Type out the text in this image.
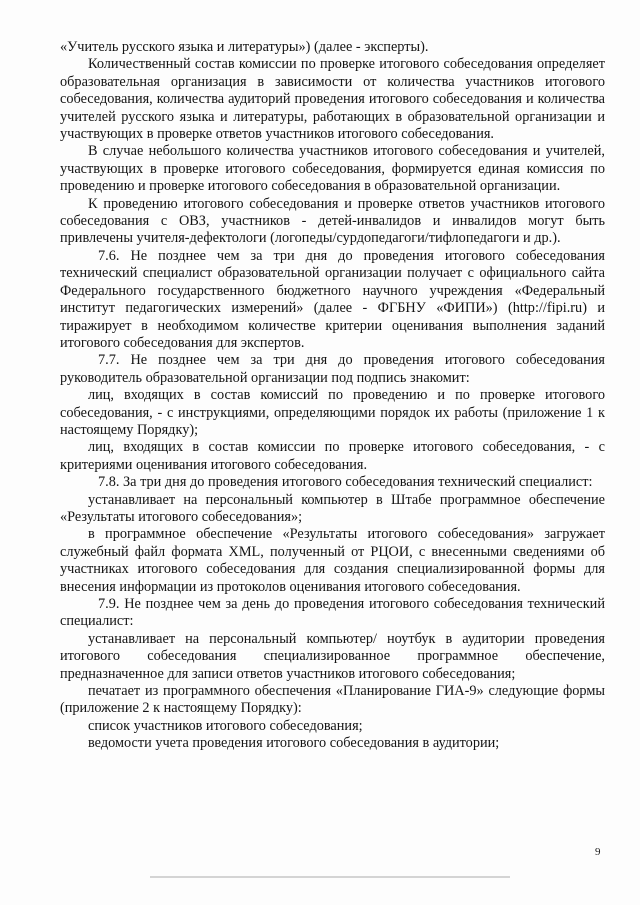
«Учитель русского языка и литературы») (далее - эксперты).

Количественный состав комиссии по проверке итогового собеседования определяет образовательная организация в зависимости от количества участников итогового собеседования, количества аудиторий проведения итогового собеседования и количества учителей русского языка и литературы, работающих в образовательной организации и участвующих в проверке ответов участников итогового собеседования.

В случае небольшого количества участников итогового собеседования и учителей, участвующих в проверке итогового собеседования, формируется единая комиссия по проведению и проверке итогового собеседования в образовательной организации.

К проведению итогового собеседования и проверке ответов участников итогового собеседования с ОВЗ, участников - детей-инвалидов и инвалидов могут быть привлечены учителя-дефектологи (логопеды/сурдопедагоги/тифлопедагоги и др.).

7.6. Не позднее чем за три дня до проведения итогового собеседования технический специалист образовательной организации получает с официального сайта Федерального государственного бюджетного научного учреждения «Федеральный институт педагогических измерений» (далее - ФГБНУ «ФИПИ») (http://fipi.ru) и тиражирует в необходимом количестве критерии оценивания выполнения заданий итогового собеседования для экспертов.

7.7. Не позднее чем за три дня до проведения итогового собеседования руководитель образовательной организации под подпись знакомит:

лиц, входящих в состав комиссий по проведению и по проверке итогового собеседования, - с инструкциями, определяющими порядок их работы (приложение 1 к настоящему Порядку);

лиц, входящих в состав комиссии по проверке итогового собеседования, - с критериями оценивания итогового собеседования.

7.8. За три дня до проведения итогового собеседования технический специалист:

устанавливает на персональный компьютер в Штабе программное обеспечение «Результаты итогового собеседования»;

в программное обеспечение «Результаты итогового собеседования» загружает служебный файл формата XML, полученный от РЦОИ, с внесенными сведениями об участниках итогового собеседования для создания специализированной формы для внесения информации из протоколов оценивания итогового собеседования.

7.9. Не позднее чем за день до проведения итогового собеседования технический специалист:

устанавливает на персональный компьютер/ ноутбук в аудитории проведения итогового собеседования специализированное программное обеспечение, предназначенное для записи ответов участников итогового собеседования;

печатает из программного обеспечения «Планирование ГИА-9» следующие формы (приложение 2 к настоящему Порядку):

список участников итогового собеседования;

ведомости учета проведения итогового собеседования в аудитории;

9
